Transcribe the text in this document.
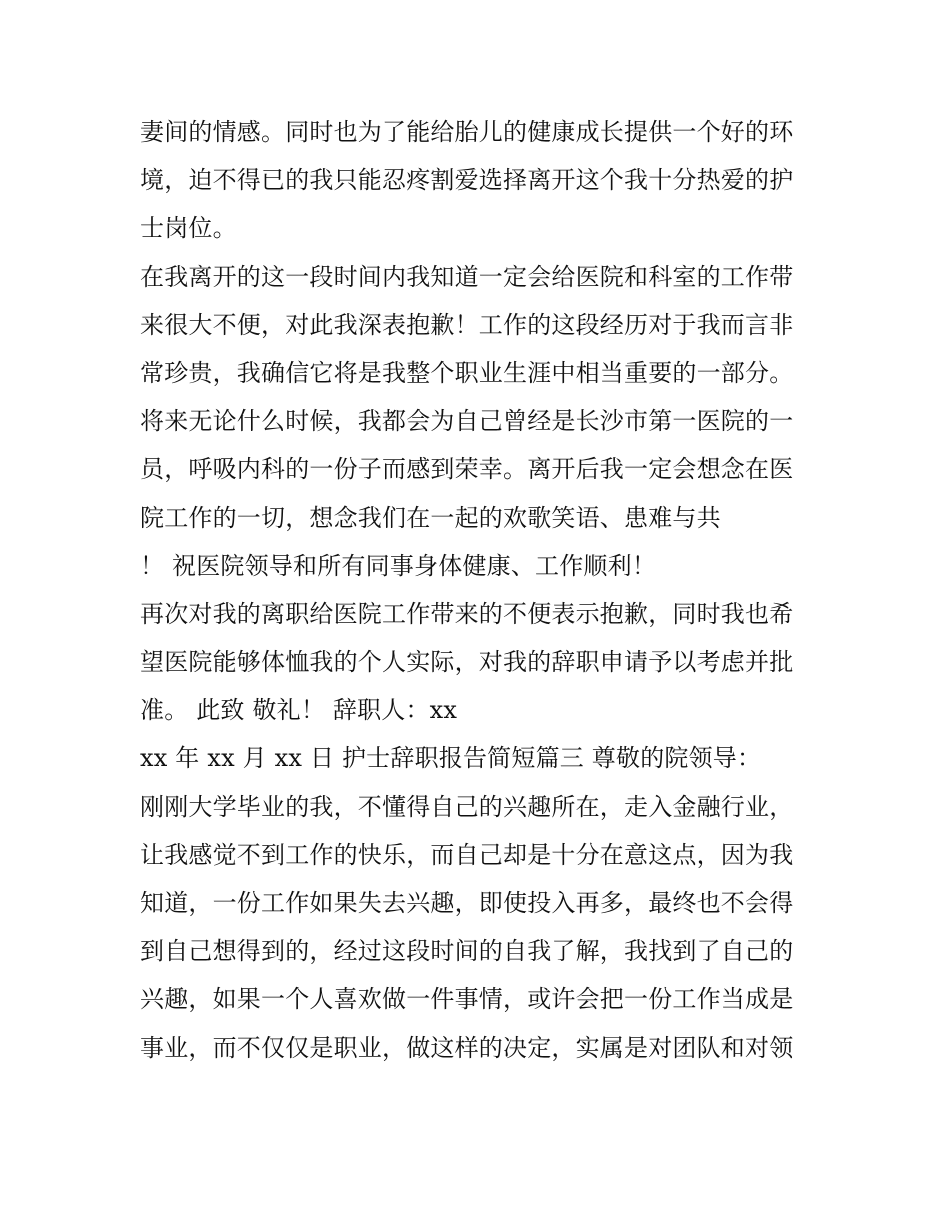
妻间的情感。同时也为了能给胎儿的健康成长提供一个好的环
境，迫不得已的我只能忍疼割爱选择离开这个我十分热爱的护
士岗位。
在我离开的这一段时间内我知道一定会给医院和科室的工作带
来很大不便，对此我深表抱歉！工作的这段经历对于我而言非
常珍贵，我确信它将是我整个职业生涯中相当重要的一部分。
将来无论什么时候，我都会为自己曾经是长沙市第一医院的一
员，呼吸内科的一份子而感到荣幸。离开后我一定会想念在医
院工作的一切，想念我们在一起的欢歌笑语、患难与共
！ 祝医院领导和所有同事身体健康、工作顺利！
再次对我的离职给医院工作带来的不便表示抱歉，同时我也希
望医院能够体恤我的个人实际，对我的辞职申请予以考虑并批
准。 此致 敬礼！ 辞职人：xx
xx 年 xx 月 xx 日 护士辞职报告简短篇三 尊敬的院领导：
刚刚大学毕业的我，不懂得自己的兴趣所在，走入金融行业，
让我感觉不到工作的快乐，而自己却是十分在意这点，因为我
知道，一份工作如果失去兴趣，即使投入再多，最终也不会得
到自己想得到的，经过这段时间的自我了解，我找到了自己的
兴趣，如果一个人喜欢做一件事情，或许会把一份工作当成是
事业，而不仅仅是职业，做这样的决定，实属是对团队和对领
